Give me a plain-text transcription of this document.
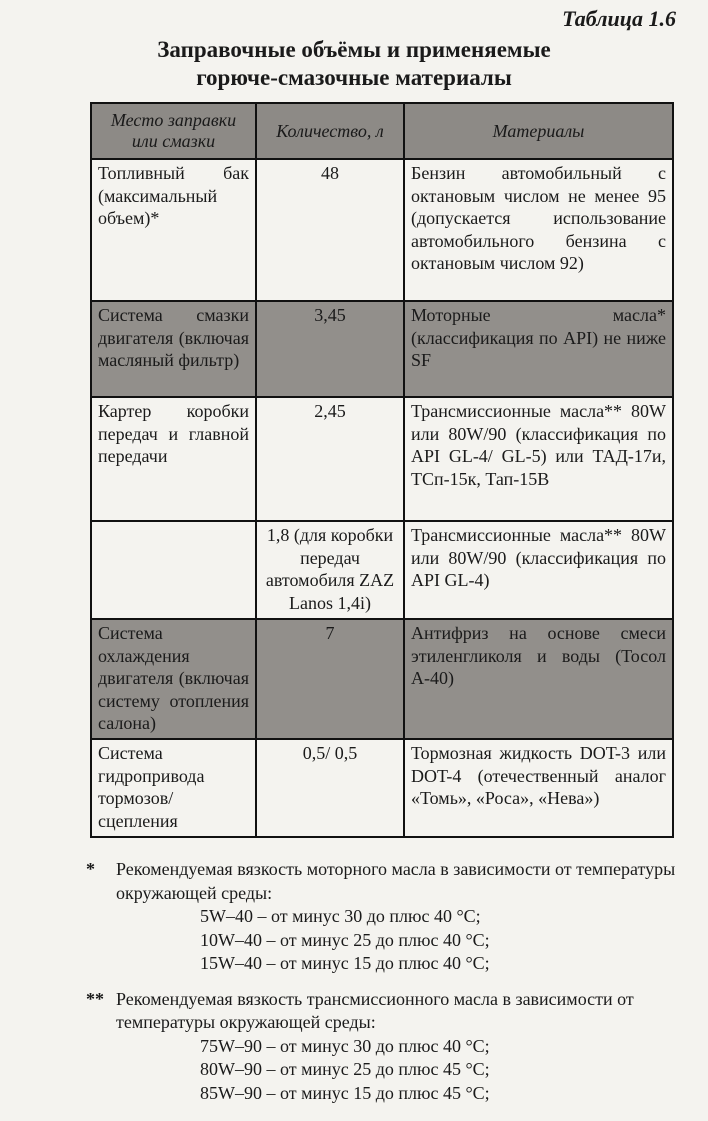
Таблица 1.6
Заправочные объёмы и применяемые
горюче-смазочные материалы
Место заправки или смазки	Количество, л	Материалы
Топливный бак (максимальный объем)*	48	Бензин автомобильный с октановым числом не менее 95 (допускается использование автомобильного бензина с октановым числом 92)
Система смазки двигателя (включая масляный фильтр)	3,45	Моторные масла* (классификация по API) не ниже SF
Картер коробки передач и главной передачи	2,45	Трансмиссионные масла** 80W или 80W/90 (классификация по API GL-4/ GL-5) или ТАД-17и, ТСп-15к, Тап-15В
	1,8 (для коробки передач автомобиля ZAZ Lanos 1,4i)	Трансмиссионные масла** 80W или 80W/90 (классификация по API GL-4)
Система охлаждения двигателя (включая систему отопления салона)	7	Антифриз на основе смеси этиленгликоля и воды (Тосол А-40)
Система гидропривода тормозов/сцепления	0,5/ 0,5	Тормозная жидкость DOT-3 или DOT-4 (отечественный аналог «Томь», «Роса», «Нева»)
* Рекомендуемая вязкость моторного масла в зависимости от температуры окружающей среды:
5W–40 – от минус 30 до плюс 40 °С;
10W–40 – от минус 25 до плюс 40 °С;
15W–40 – от минус 15 до плюс 40 °С;
** Рекомендуемая вязкость трансмиссионного масла в зависимости от температуры окружающей среды:
75W–90 – от минус 30 до плюс 40 °С;
80W–90 – от минус 25 до плюс 45 °С;
85W–90 – от минус 15 до плюс 45 °С;
